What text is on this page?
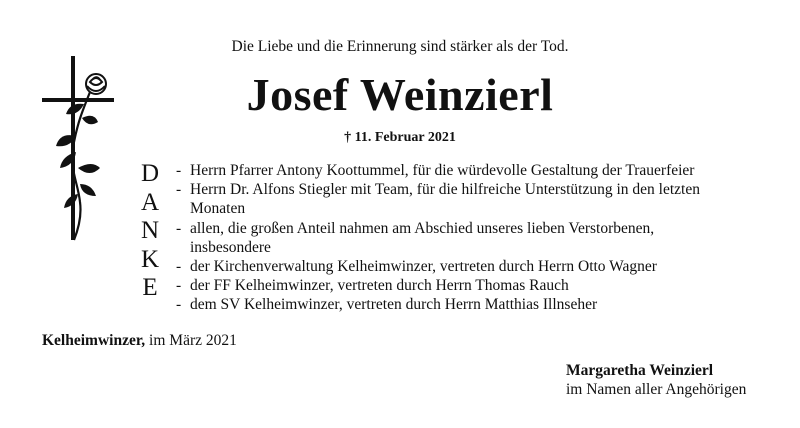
Die Liebe und die Erinnerung sind stärker als der Tod.
Josef Weinzierl
† 11. Februar 2021
D
A
N
K
E
- Herrn Pfarrer Antony Koottummel, für die würdevolle Gestaltung der Trauerfeier
- Herrn Dr. Alfons Stiegler mit Team, für die hilfreiche Unterstützung in den letzten Monaten
- allen, die großen Anteil nahmen am Abschied unseres lieben Verstorbenen, insbesondere
- der Kirchenverwaltung Kelheimwinzer, vertreten durch Herrn Otto Wagner
- der FF Kelheimwinzer, vertreten durch Herrn Thomas Rauch
- dem SV Kelheimwinzer, vertreten durch Herrn Matthias Illnseher
Kelheimwinzer, im März 2021
Margaretha Weinzierl
im Namen aller Angehörigen
